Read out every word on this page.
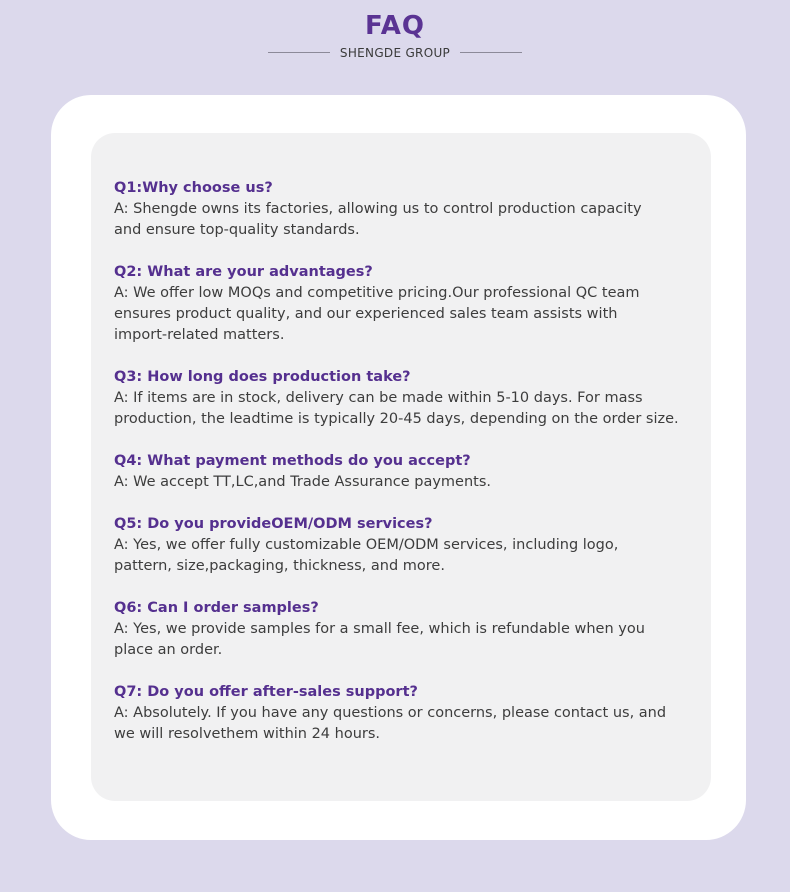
FAQ
SHENGDE GROUP
Q1:Why choose us?
A: Shengde owns its factories, allowing us to control production capacity
and ensure top-quality standards.
Q2: What are your advantages?
A: We offer low MOQs and competitive pricing.Our professional QC team
ensures product quality, and our experienced sales team assists with
import-related matters.
Q3: How long does production take?
A: If items are in stock, delivery can be made within 5-10 days. For mass
production, the leadtime is typically 20-45 days, depending on the order size.
Q4: What payment methods do you accept?
A: We accept TT,LC,and Trade Assurance payments.
Q5: Do you provideOEM/ODM services?
A: Yes, we offer fully customizable OEM/ODM services, including logo,
pattern, size,packaging, thickness, and more.
Q6: Can I order samples?
A: Yes, we provide samples for a small fee, which is refundable when you
place an order.
Q7: Do you offer after-sales support?
A: Absolutely. If you have any questions or concerns, please contact us, and
we will resolvethem within 24 hours.
